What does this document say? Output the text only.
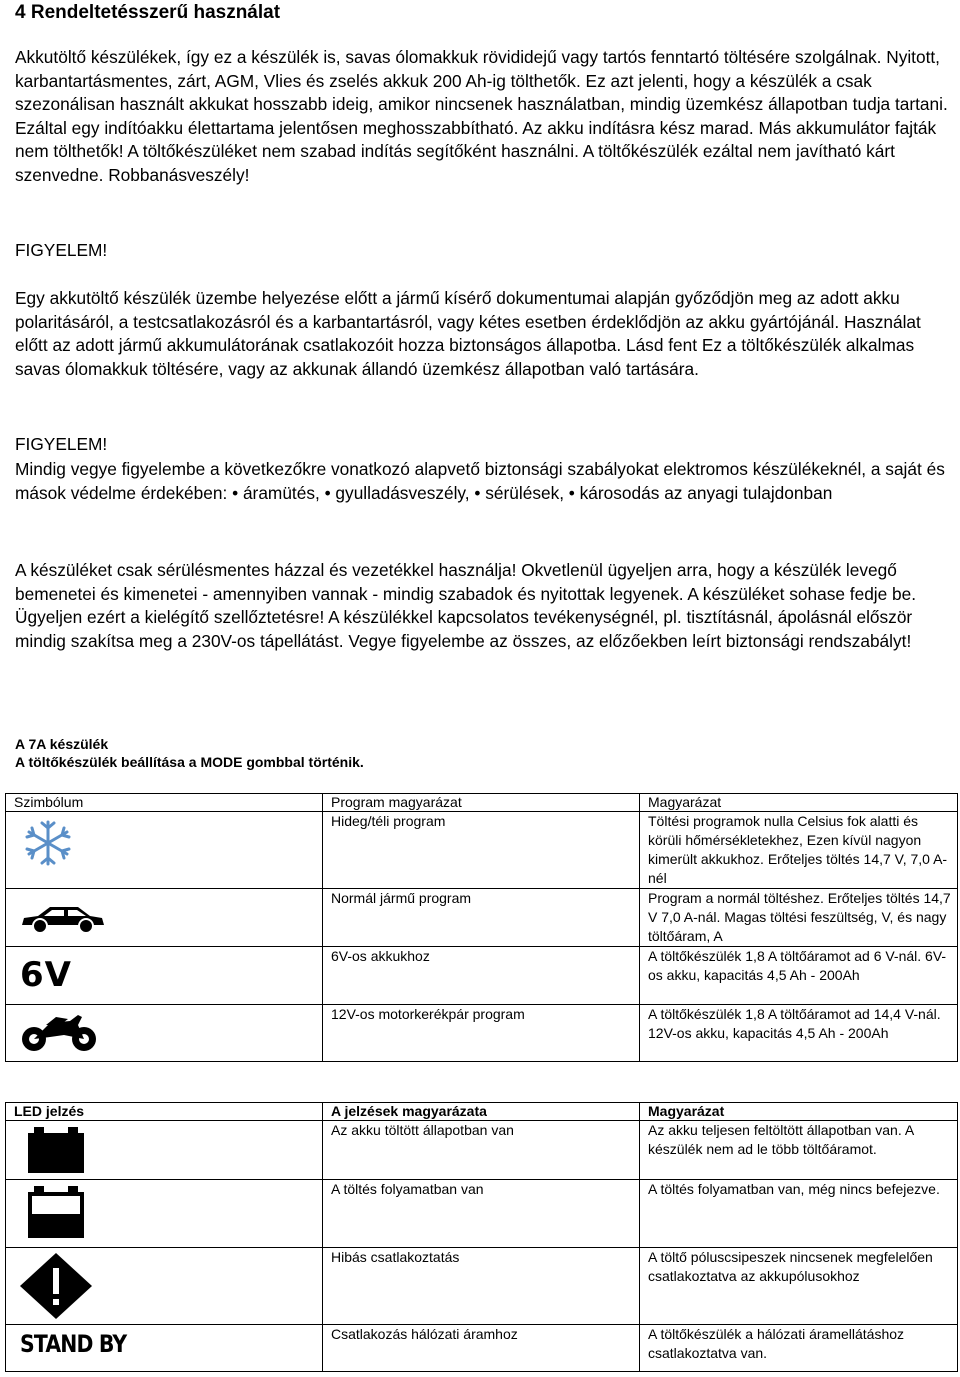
4 Rendeltetésszerű használat

Akkutöltő készülékek, így ez a készülék is, savas ólomakkuk rövididejű vagy tartós fenntartó töltésére szolgálnak. Nyitott, karbantartásmentes, zárt, AGM, Vlies és zselés akkuk 200 Ah-ig tölthetők. Ez azt jelenti, hogy a készülék a csak szezonálisan használt akkukat hosszabb ideig, amikor nincsenek használatban, mindig üzemkész állapotban tudja tartani. Ezáltal egy indítóakku élettartama jelentősen meghosszabbítható. Az akku indításra kész marad. Más akkumulátor fajták nem tölthetők! A töltőkészüléket nem szabad indítás segítőként használni. A töltőkészülék ezáltal nem javítható kárt szenvedne. Robbanásveszély!

FIGYELEM!

Egy akkutöltő készülék üzembe helyezése előtt a jármű kísérő dokumentumai alapján győződjön meg az adott akku polaritásáról, a testcsatlakozásról és a karbantartásról, vagy kétes esetben érdeklődjön az akku gyártójánál. Használat előtt az adott jármű akkumulátorának csatlakozóit hozza biztonságos állapotba. Lásd fent Ez a töltőkészülék alkalmas savas ólomakkuk töltésére, vagy az akkunak állandó üzemkész állapotban való tartására.

FIGYELEM!

Mindig vegye figyelembe a következőkre vonatkozó alapvető biztonsági szabályokat elektromos készülékeknél, a saját és mások védelme érdekében: • áramütés, • gyulladásveszély, • sérülések, • károsodás az anyagi tulajdonban

A készüléket csak sérülésmentes házzal és vezetékkel használja! Okvetlenül ügyeljen arra, hogy a készülék levegő bemenetei és kimenetei - amennyiben vannak - mindig szabadok és nyitottak legyenek. A készüléket sohase fedje be. Ügyeljen ezért a kielégítő szellőztetésre! A készülékkel kapcsolatos tevékenységnél, pl. tisztításnál, ápolásnál először mindig szakítsa meg a 230V-os tápellátást. Vegye figyelembe az összes, az előzőekben leírt biztonsági rendszabályt!

A 7A készülék

A töltőkészülék beállítása a MODE gombbal történik.

Szimbólum	Program magyarázat	Magyarázat

	Hideg/téli program	Töltési programok nulla Celsius fok alatti és körüli hőmérsékletekhez, Ezen kívül nagyon kimerült akkukhoz. Erőteljes töltés 14,7 V, 7,0 A-nél

	Normál jármű program	Program a normál töltéshez. Erőteljes töltés 14,7 V 7,0 A-nál. Magas töltési feszültség, V, és nagy töltőáram, A

6V	6V-os akkukhoz	A töltőkészülék 1,8 A töltőáramot ad 6 V-nál. 6V-os akku, kapacitás 4,5 Ah - 200Ah

	12V-os motorkerékpár program	A töltőkészülék 1,8 A töltőáramot ad 14,4 V-nál. 12V-os akku, kapacitás 4,5 Ah - 200Ah
LED jelzés	A jelzések magyarázata	Magyarázat

	Az akku töltött állapotban van	Az akku teljesen feltöltött állapotban van. A készülék nem ad le több töltőáramot.

	A töltés folyamatban van	A töltés folyamatban van, még nincs befejezve.

	Hibás csatlakoztatás	A töltő póluscsipeszek nincsenek megfelelően csatlakoztatva az akkupólusokhoz

STAND BY	Csatlakozás hálózati áramhoz	A töltőkészülék a hálózati áramellátáshoz csatlakoztatva van.
